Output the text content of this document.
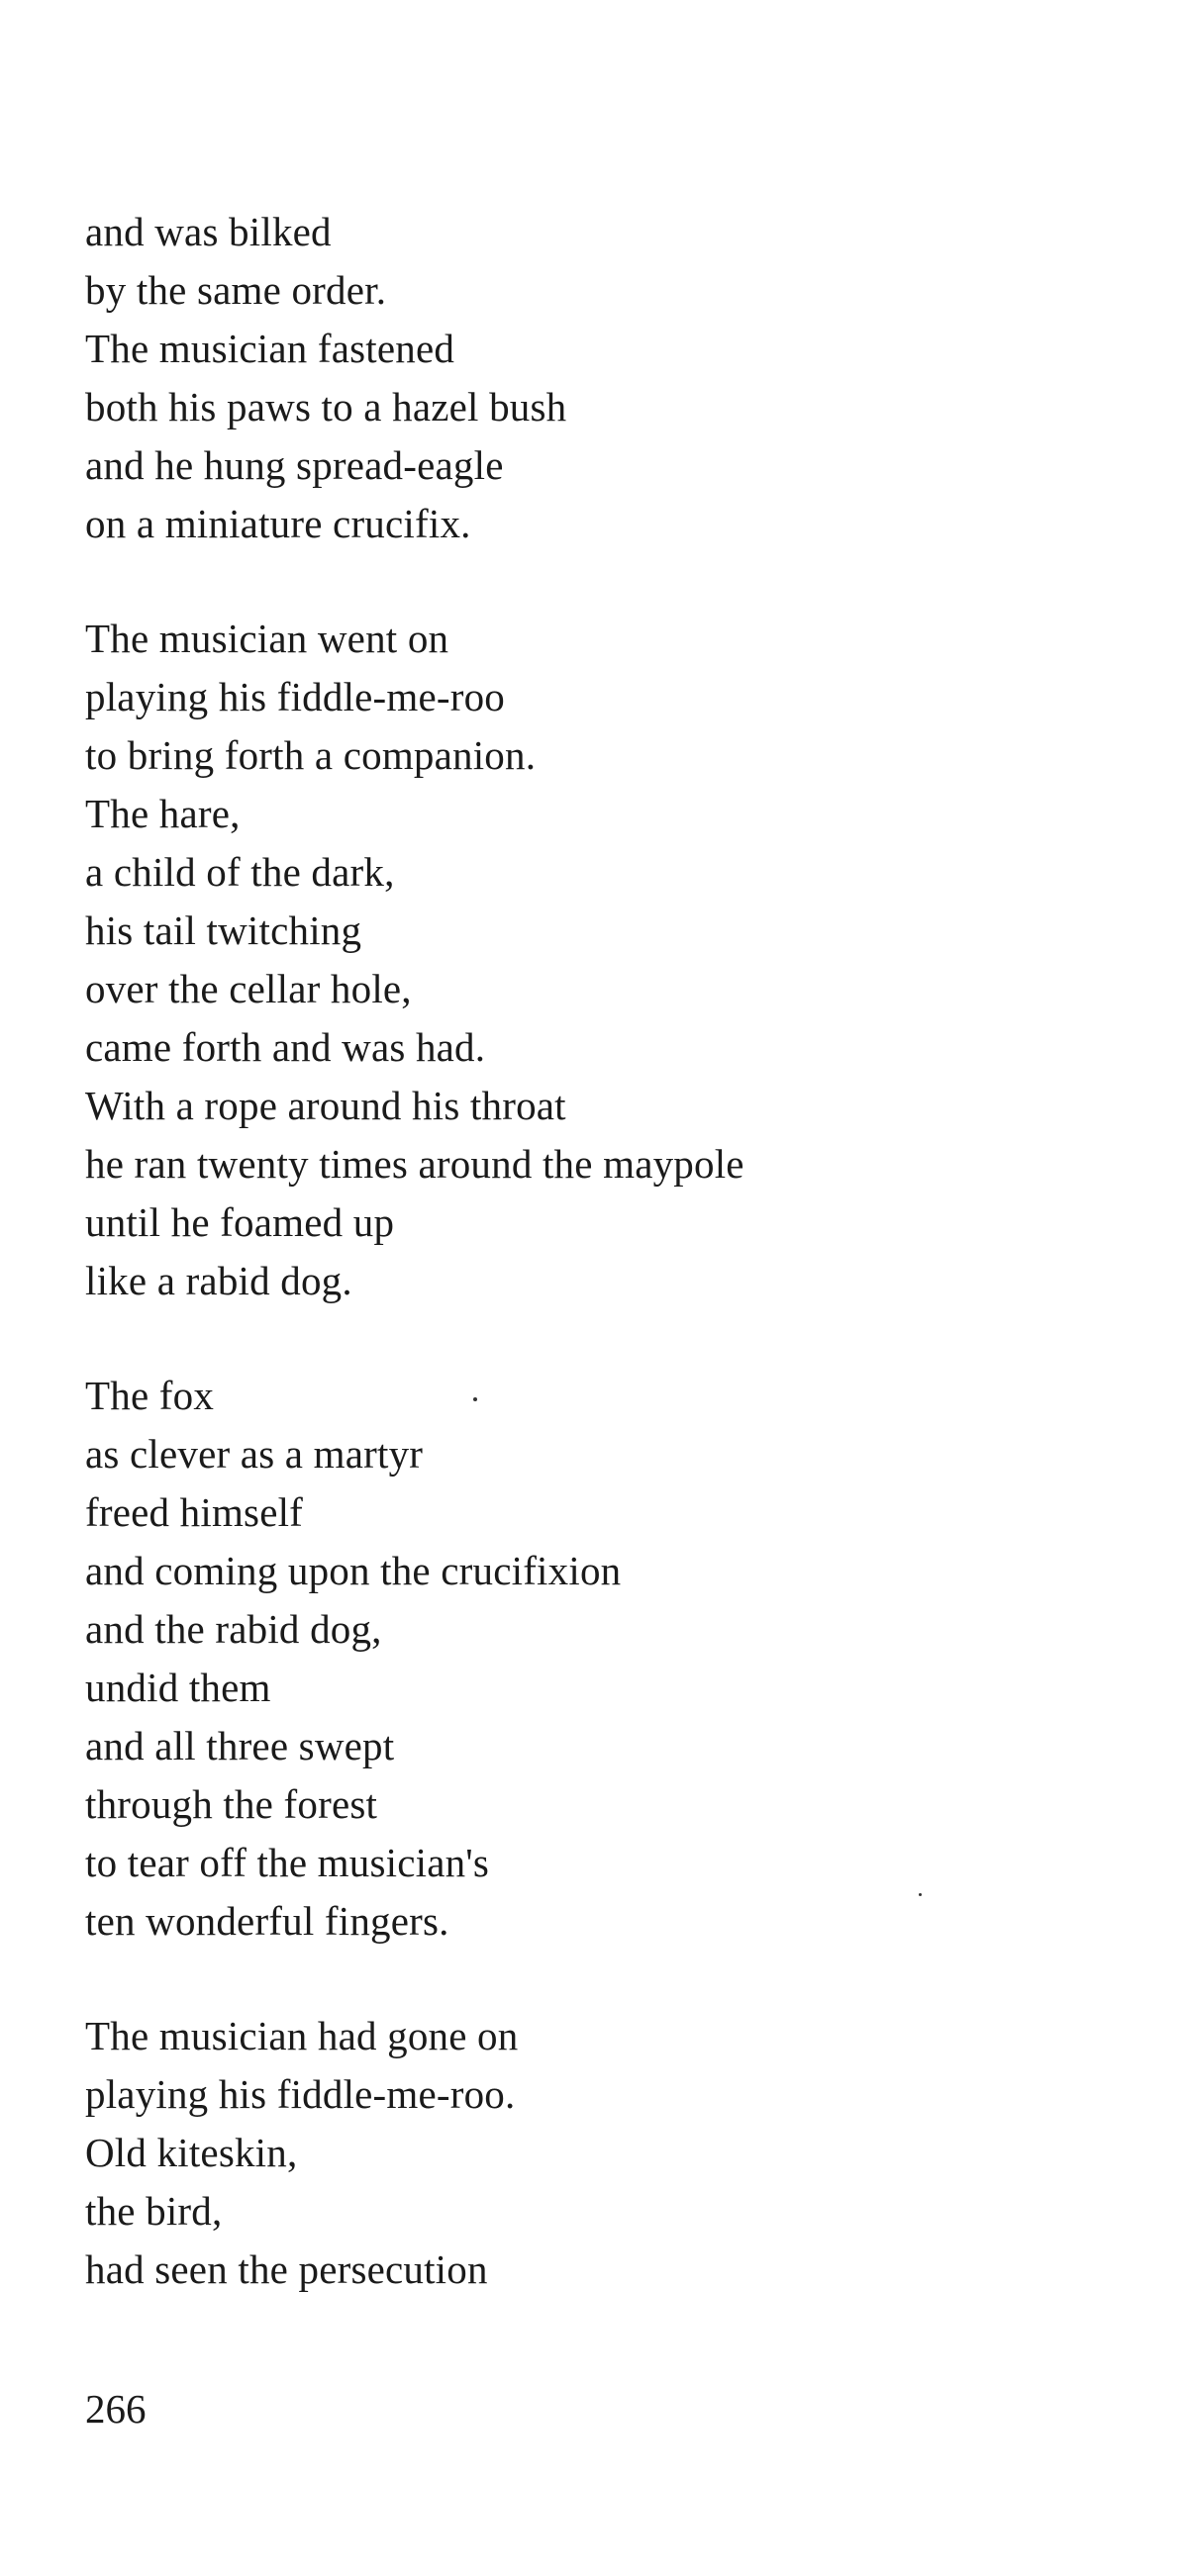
and was bilked
by the same order.
The musician fastened
both his paws to a hazel bush
and he hung spread-eagle
on a miniature crucifix.
The musician went on
playing his fiddle-me-roo
to bring forth a companion.
The hare,
a child of the dark,
his tail twitching
over the cellar hole,
came forth and was had.
With a rope around his throat
he ran twenty times around the maypole
until he foamed up
like a rabid dog.
The fox
as clever as a martyr
freed himself
and coming upon the crucifixion
and the rabid dog,
undid them
and all three swept
through the forest
to tear off the musician's
ten wonderful fingers.
The musician had gone on
playing his fiddle-me-roo.
Old kiteskin,
the bird,
had seen the persecution
266
